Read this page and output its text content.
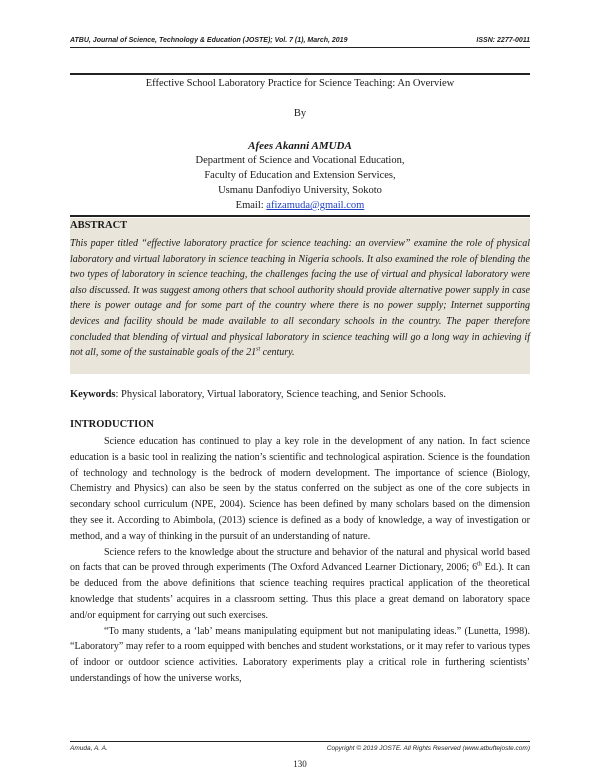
ATBU, Journal of Science, Technology & Education (JOSTE); Vol. 7 (1), March, 2019	ISSN: 2277-0011
Effective School Laboratory Practice for Science Teaching: An Overview
By
Afees Akanni AMUDA
Department of Science and Vocational Education,
Faculty of Education and Extension Services,
Usmanu Danfodiyo University, Sokoto
Email: afizamuda@gmail.com
ABSTRACT
This paper titled “effective laboratory practice for science teaching: an overview” examine the role of physical laboratory and virtual laboratory in science teaching in Nigeria schools. It also examined the role of blending the two types of laboratory in science teaching, the challenges facing the use of virtual and physical laboratory were also discussed. It was suggest among others that school authority should provide alternative power supply in case there is power outage and for some part of the country where there is no power supply; Internet supporting devices and facility should be made available to all secondary schools in the country. The paper therefore concluded that blending of virtual and physical laboratory in science teaching will go a long way in achieving if not all, some of the sustainable goals of the 21st century.
Keywords: Physical laboratory, Virtual laboratory, Science teaching, and Senior Schools.
INTRODUCTION

Science education has continued to play a key role in the development of any nation. In fact science education is a basic tool in realizing the nation’s scientific and technological aspiration. Science is the foundation of technology and technology is the bedrock of modern development. The importance of science (Biology, Chemistry and Physics) can also be seen by the status conferred on the subject as one of the core subjects in secondary school curriculum (NPE, 2004). Science has been defined by many scholars based on the dimension they see it. According to Abimbola, (2013) science is defined as a body of knowledge, a way of investigation or method, and a way of thinking in the pursuit of an understanding of nature.

Science refers to the knowledge about the structure and behavior of the natural and physical world based on facts that can be proved through experiments (The Oxford Advanced Learner Dictionary, 2006; 6th Ed.). It can be deduced from the above definitions that science teaching requires practical application of the theoretical knowledge that students’ acquires in a classroom setting. Thus this place a great demand on laboratory space and/or equipment for carrying out such exercises.

“To many students, a ‘lab’ means manipulating equipment but not manipulating ideas.” (Lunetta, 1998). “Laboratory” may refer to a room equipped with benches and student workstations, or it may refer to various types of indoor or outdoor science activities. Laboratory experiments play a critical role in furthering scientists’ understandings of how the universe works,

Amuda, A. A.	Copyright © 2019 JOSTE. All Rights Reserved (www.atbuftejoste.com)
130
